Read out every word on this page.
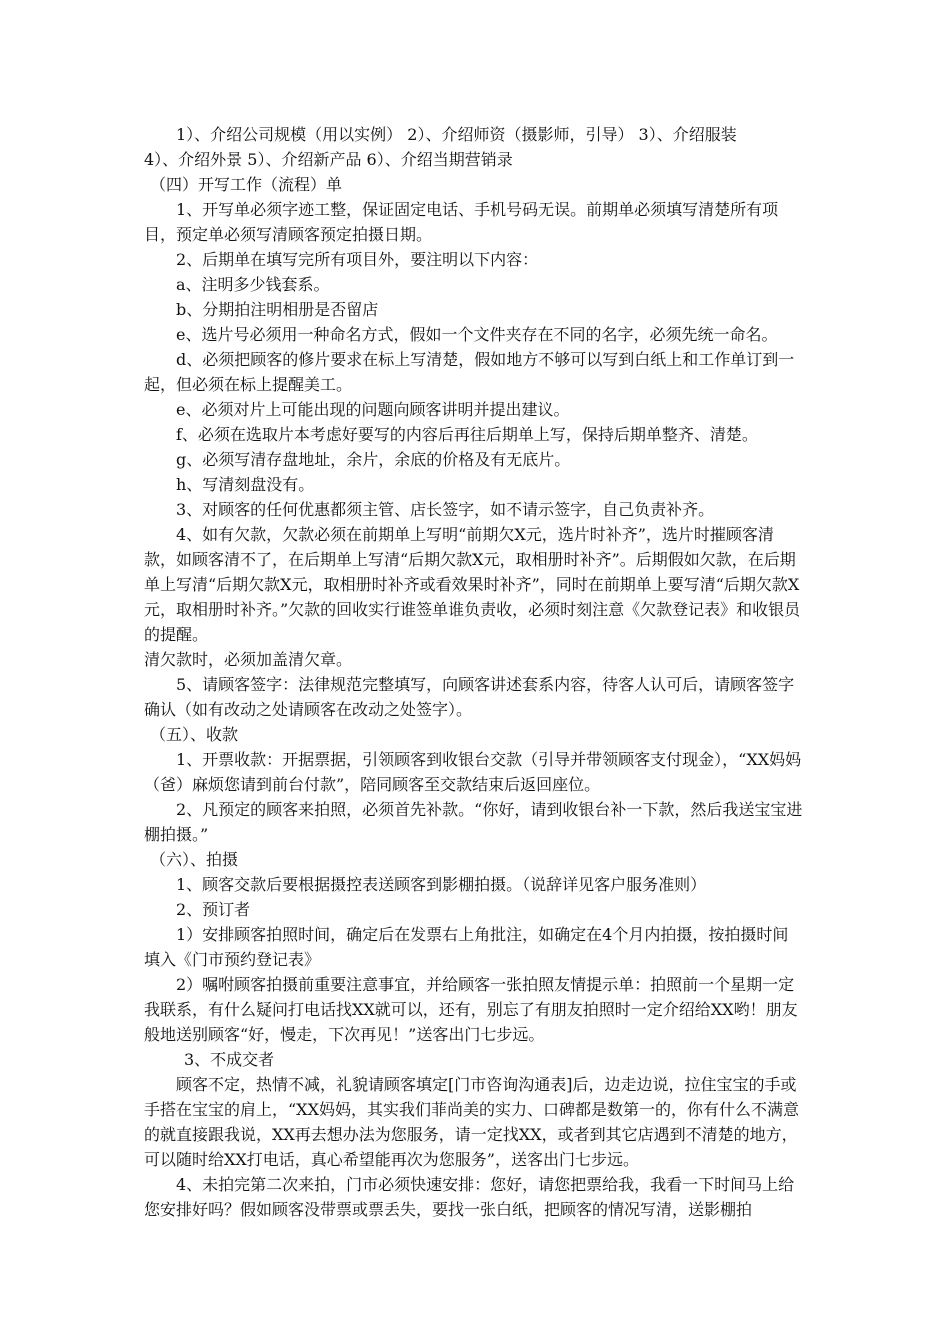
1）、介绍公司规模（用以实例） 2）、介绍师资（摄影师，引导） 3）、介绍服装

4）、介绍外景 5）、介绍新产品 6）、介绍当期营销录

（四）开写工作（流程）单

1、开写单必须字迹工整，保证固定电话、手机号码无误。前期单必须填写清楚所有项目，预定单必须写清顾客预定拍摄日期。

2、后期单在填写完所有项目外，要注明以下内容：

a、注明多少钱套系。

b、分期拍注明相册是否留店

e、选片号必须用一种命名方式，假如一个文件夹存在不同的名字，必须先统一命名。

d、必须把顾客的修片要求在标上写清楚，假如地方不够可以写到白纸上和工作单订到一起，但必须在标上提醒美工。

e、必须对片上可能出现的问题向顾客讲明并提出建议。

f、必须在选取片本考虑好要写的内容后再往后期单上写，保持后期单整齐、清楚。

g、必须写清存盘地址，余片，余底的价格及有无底片。

h、写清刻盘没有。

3、对顾客的任何优惠都须主管、店长签字，如不请示签字，自己负责补齐。

4、如有欠款，欠款必须在前期单上写明“前期欠X元，选片时补齐”，选片时摧顾客清款，如顾客清不了，在后期单上写清“后期欠款X元，取相册时补齐”。后期假如欠款，在后期单上写清“后期欠款X元，取相册时补齐或看效果时补齐”，同时在前期单上要写清“后期欠款X元，取相册时补齐。”欠款的回收实行谁签单谁负责收，必须时刻注意《欠款登记表》和收银员的提醒。

清欠款时，必须加盖清欠章。

5、请顾客签字：法律规范完整填写，向顾客讲述套系内容，待客人认可后，请顾客签字确认（如有改动之处请顾客在改动之处签字）。

（五）、收款

1、开票收款：开据票据，引领顾客到收银台交款（引导并带领顾客支付现金），“XX妈妈（爸）麻烦您请到前台付款”，陪同顾客至交款结束后返回座位。

2、凡预定的顾客来拍照，必须首先补款。“你好，请到收银台补一下款，然后我送宝宝进棚拍摄。”

（六）、拍摄

1、顾客交款后要根据摄控表送顾客到影棚拍摄。（说辞详见客户服务准则）

2、预订者

1）安排顾客拍照时间，确定后在发票右上角批注，如确定在4个月内拍摄，按拍摄时间填入《门市预约登记表》

2）嘱咐顾客拍摄前重要注意事宜，并给顾客一张拍照友情提示单：拍照前一个星期一定我联系，有什么疑问打电话找XX就可以，还有，别忘了有朋友拍照时一定介绍给XX哟！朋友般地送别顾客“好，慢走，下次再见！”送客出门七步远。

3、不成交者

顾客不定，热情不减，礼貌请顾客填定[门市咨询沟通表]后，边走边说，拉住宝宝的手或手搭在宝宝的肩上，“XX妈妈，其实我们菲尚美的实力、口碑都是数第一的，你有什么不满意的就直接跟我说，XX再去想办法为您服务，请一定找XX，或者到其它店遇到不清楚的地方，可以随时给XX打电话，真心希望能再次为您服务”，送客出门七步远。

4、未拍完第二次来拍，门市必须快速安排：您好，请您把票给我，我看一下时间马上给您安排好吗？假如顾客没带票或票丢失，要找一张白纸，把顾客的情况写清，送影棚拍
